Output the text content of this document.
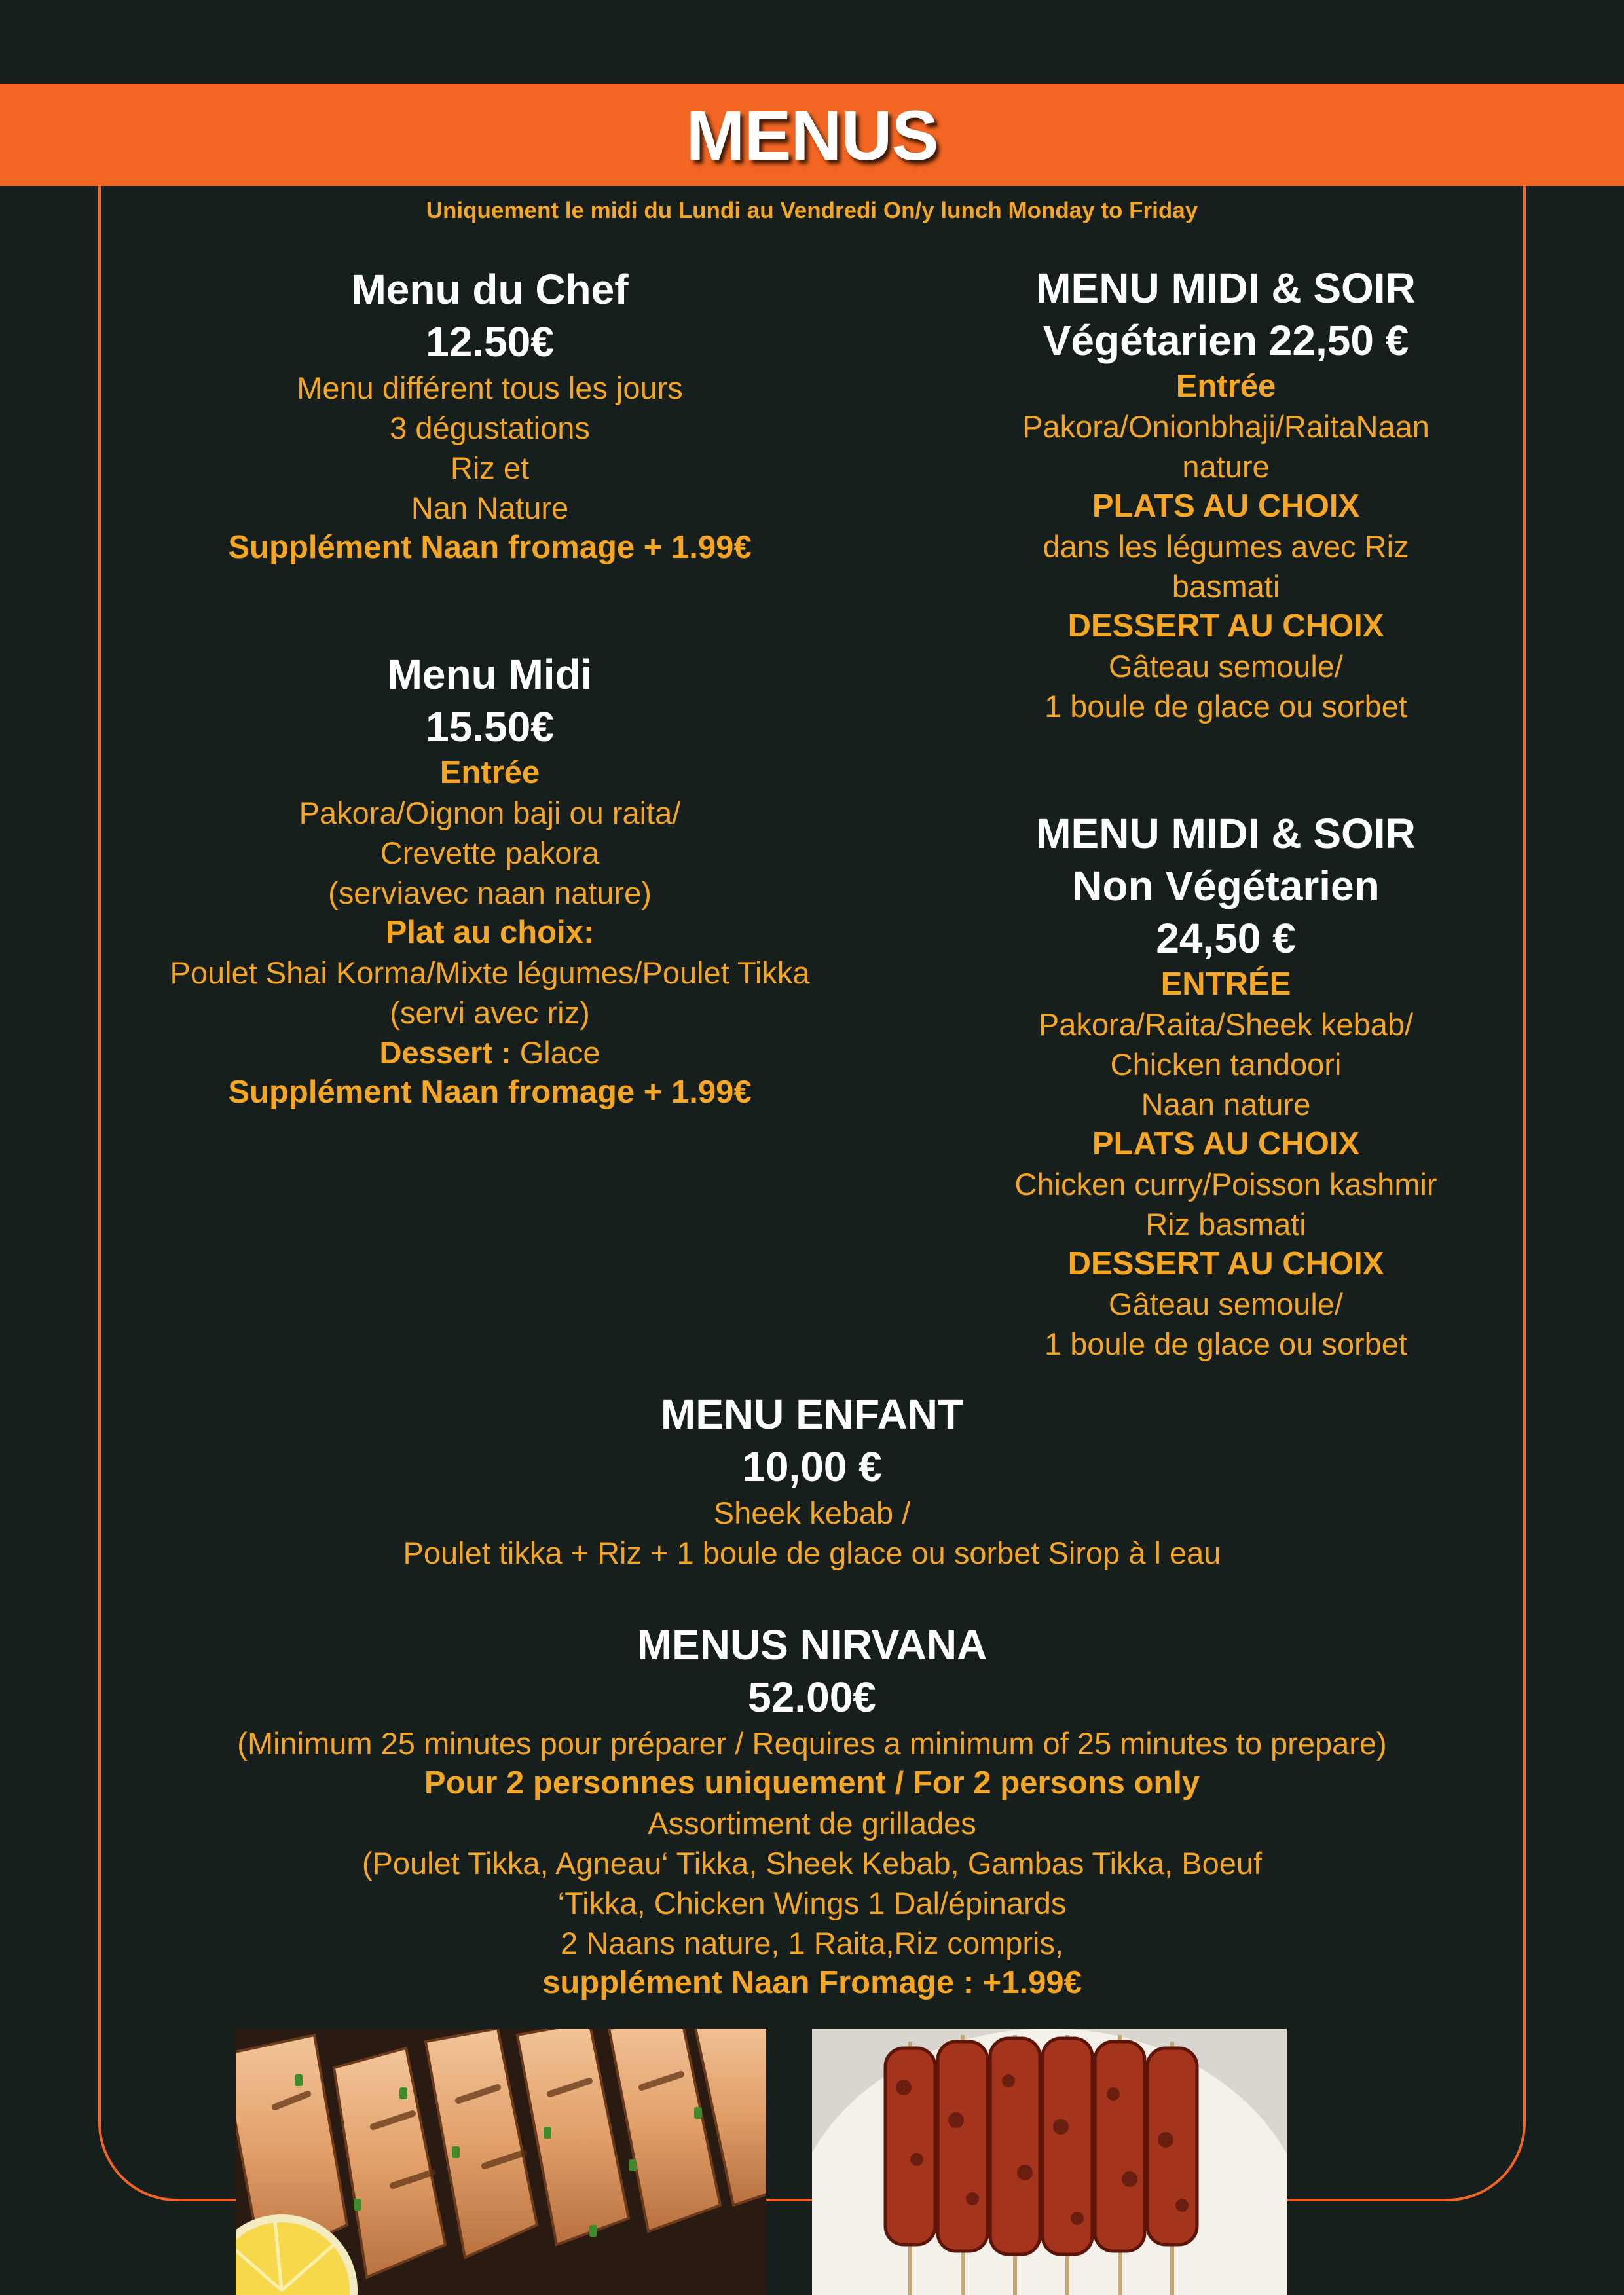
MENUS
Uniquement le midi du Lundi au Vendredi On/y lunch Monday to Friday
Menu du Chef
12.50€
Menu différent tous les jours
3 dégustations
Riz et
Nan Nature
Supplément Naan fromage + 1.99€
Menu Midi
15.50€
Entrée
Pakora/Oignon baji ou raita/
Crevette pakora
(serviavec naan nature)
Plat au choix:
Poulet Shai Korma/Mixte légumes/Poulet Tikka
(servi avec riz)
Dessert : Glace
Supplément Naan fromage + 1.99€
MENU MIDI & SOIR
Végétarien 22,50 €
Entrée
Pakora/Onionbhaji/RaitaNaan
nature
PLATS AU CHOIX
dans les légumes avec Riz
basmati
DESSERT AU CHOIX
Gâteau semoule/
1 boule de glace ou sorbet
MENU MIDI & SOIR
Non Végétarien
24,50 €
ENTRÉE
Pakora/Raita/Sheek kebab/
Chicken tandoori
Naan nature
PLATS AU CHOIX
Chicken curry/Poisson kashmir
Riz basmati
DESSERT AU CHOIX
Gâteau semoule/
1 boule de glace ou sorbet
MENU ENFANT
10,00 €
Sheek kebab /
Poulet tikka + Riz + 1 boule de glace ou sorbet Sirop à l eau
MENUS NIRVANA
52.00€
(Minimum 25 minutes pour préparer / Requires a minimum of 25 minutes to prepare)
Pour 2 personnes uniquement / For 2 persons only
Assortiment de grillades
(Poulet Tikka, Agneau‘ Tikka, Sheek Kebab, Gambas Tikka, Boeuf
‘Tikka, Chicken Wings 1 Dal/épinards
2 Naans nature, 1 Raita,Riz compris,
supplément Naan Fromage : +1.99€
